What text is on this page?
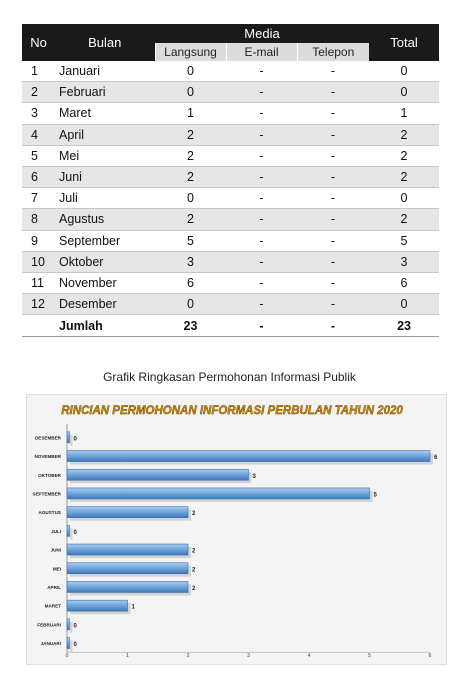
No	Bulan	Media			Total
		Langsung	E-mail	Telepon	
1	Januari	0	-	-	0
2	Februari	0	-	-	0
3	Maret	1	-	-	1
4	April	2	-	-	2
5	Mei	2	-	-	2
6	Juni	2	-	-	2
7	Juli	0	-	-	0
8	Agustus	2	-	-	2
9	September	5	-	-	5
10	Oktober	3	-	-	3
11	November	6	-	-	6
12	Desember	0	-	-	0
	Jumlah	23	-	-	23
Grafik Ringkasan Permohonan Informasi Publik
RINCIAN PERMOHONAN INFORMASI PERBULAN TAHUN 2020
DESEMBER 0
NOVEMBER	6
OKTOBER	3
SEPTEMBER	5
AGUSTUS	2
JULI 0
JUNI	2
MEI	2
APRIL	2
MARET	1
FEBRUARI 0
JANUARI 0
0	1	2	3	4	5	6
